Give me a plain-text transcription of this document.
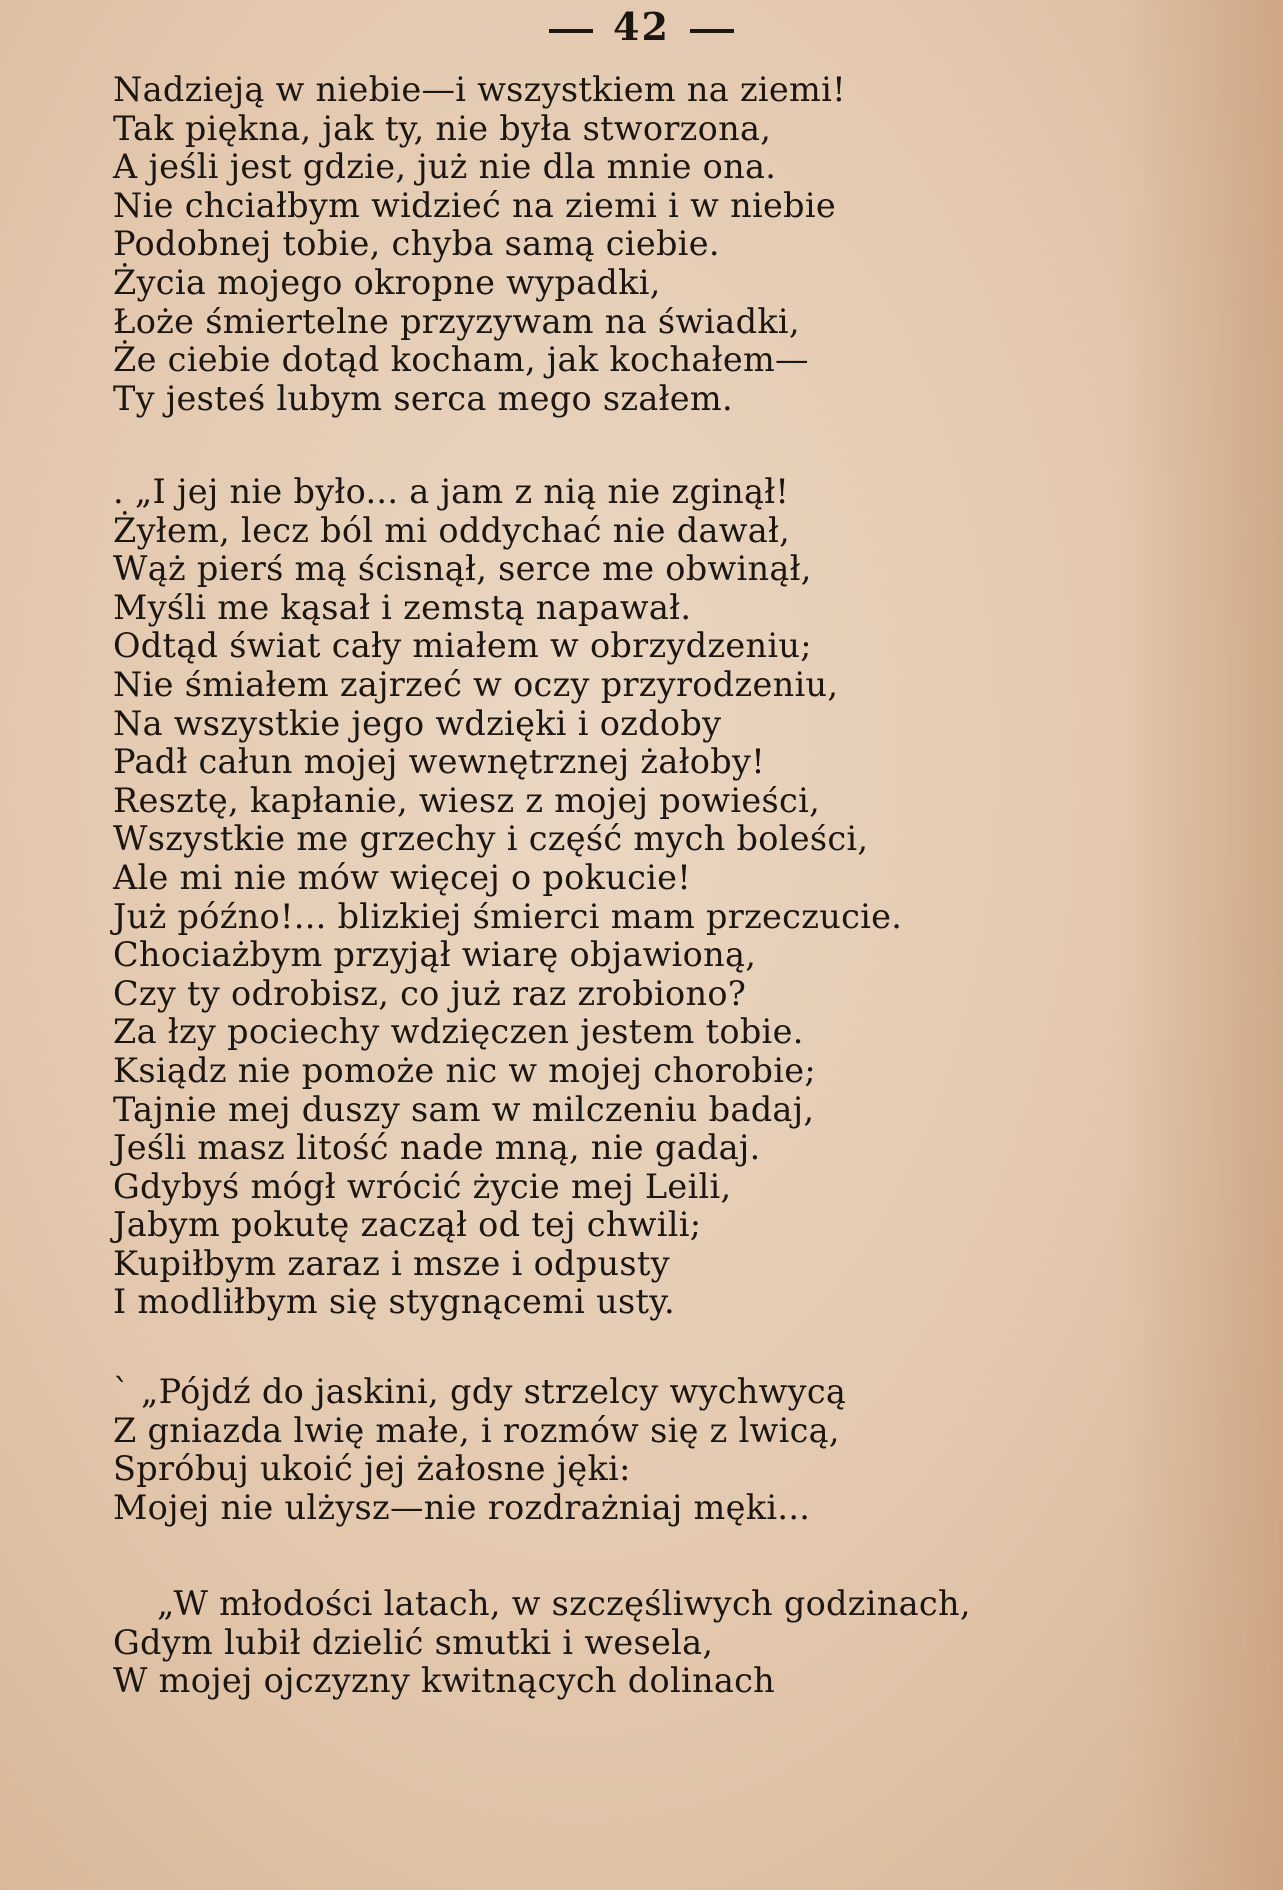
42
Nadzieją w niebie—i wszystkiem na ziemi!
Tak piękna, jak ty, nie była stworzona,
A jeśli jest gdzie, już nie dla mnie ona.
Nie chciałbym widzieć na ziemi i w niebie
Podobnej tobie, chyba samą ciebie.
Życia mojego okropne wypadki,
Łoże śmiertelne przyzywam na świadki,
Że ciebie dotąd kocham, jak kochałem—
Ty jesteś lubym serca mego szałem.
. „I jej nie było... a jam z nią nie zginął!
Żyłem, lecz ból mi oddychać nie dawał,
Wąż pierś mą ścisnął, serce me obwinął,
Myśli me kąsał i zemstą napawał.
Odtąd świat cały miałem w obrzydzeniu;
Nie śmiałem zajrzeć w oczy przyrodzeniu,
Na wszystkie jego wdzięki i ozdoby
Padł całun mojej wewnętrznej żałoby!
Resztę, kapłanie, wiesz z mojej powieści,
Wszystkie me grzechy i część mych boleści,
Ale mi nie mów więcej o pokucie!
Już późno!... blizkiej śmierci mam przeczucie.
Chociażbym przyjął wiarę objawioną,
Czy ty odrobisz, co już raz zrobiono?
Za łzy pociechy wdzięczen jestem tobie.
Ksiądz nie pomoże nic w mojej chorobie;
Tajnie mej duszy sam w milczeniu badaj,
Jeśli masz litość nade mną, nie gadaj.
Gdybyś mógł wrócić życie mej Leili,
Jabym pokutę zaczął od tej chwili;
Kupiłbym zaraz i msze i odpusty
I modliłbym się stygnącemi usty.
` „Pójdź do jaskini, gdy strzelcy wychwycą
Z gniazda lwię małe, i rozmów się z lwicą,
Spróbuj ukoić jej żałosne jęki:
Mojej nie ulżysz—nie rozdrażniaj męki...
„W młodości latach, w szczęśliwych godzinach,
Gdym lubił dzielić smutki i wesela,
W mojej ojczyzny kwitnących dolinach
